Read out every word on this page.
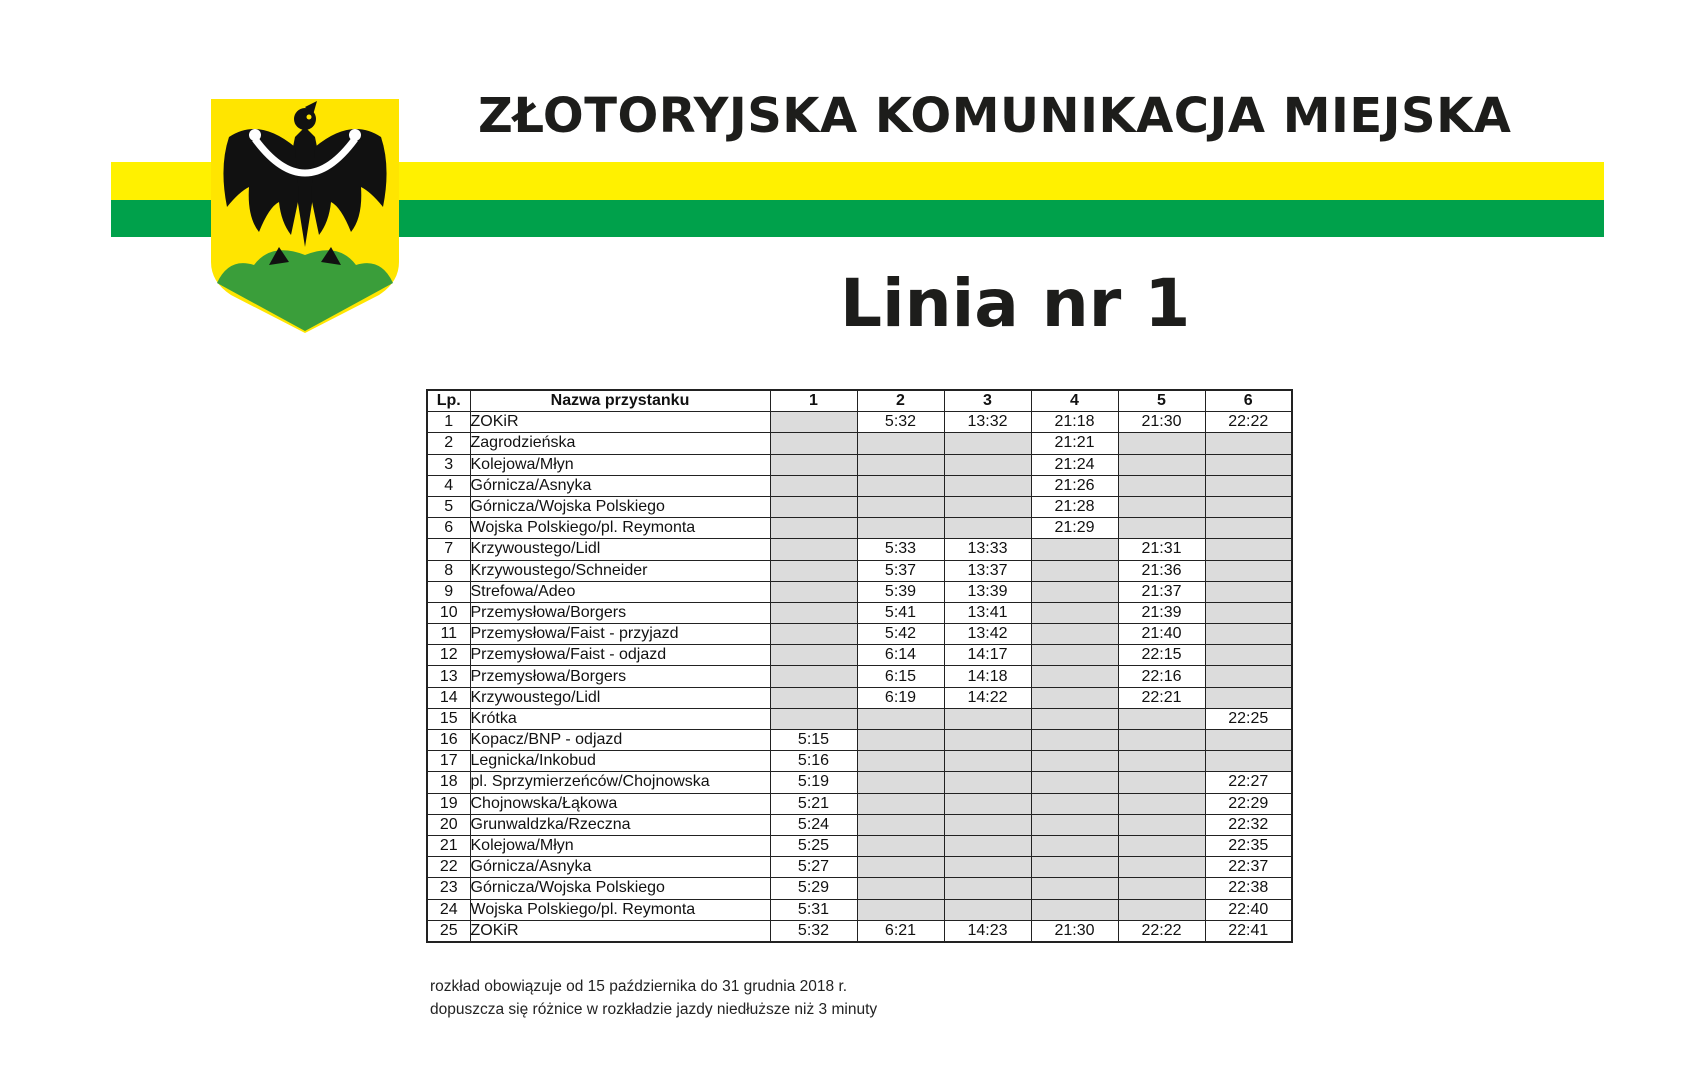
ZŁOTORYJSKA KOMUNIKACJA MIEJSKA
Linia nr 1
Lp.	Nazwa przystanku	1	2	3	4	5	6
1	ZOKiR		5:32	13:32	21:18	21:30	22:22
2	Zagrodzieńska				21:21		
3	Kolejowa/Młyn				21:24		
4	Górnicza/Asnyka				21:26		
5	Górnicza/Wojska Polskiego				21:28		
6	Wojska Polskiego/pl. Reymonta				21:29		
7	Krzywoustego/Lidl		5:33	13:33		21:31	
8	Krzywoustego/Schneider		5:37	13:37		21:36	
9	Strefowa/Adeo		5:39	13:39		21:37	
10	Przemysłowa/Borgers		5:41	13:41		21:39	
11	Przemysłowa/Faist - przyjazd		5:42	13:42		21:40	
12	Przemysłowa/Faist - odjazd		6:14	14:17		22:15	
13	Przemysłowa/Borgers		6:15	14:18		22:16	
14	Krzywoustego/Lidl		6:19	14:22		22:21	
15	Krótka						22:25
16	Kopacz/BNP - odjazd	5:15					
17	Legnicka/Inkobud	5:16					
18	pl. Sprzymierzeńców/Chojnowska	5:19					22:27
19	Chojnowska/Łąkowa	5:21					22:29
20	Grunwaldzka/Rzeczna	5:24					22:32
21	Kolejowa/Młyn	5:25					22:35
22	Górnicza/Asnyka	5:27					22:37
23	Górnicza/Wojska Polskiego	5:29					22:38
24	Wojska Polskiego/pl. Reymonta	5:31					22:40
25	ZOKiR	5:32	6:21	14:23	21:30	22:22	22:41
rozkład obowiązuje od 15 października do 31 grudnia 2018 r.
dopuszcza się różnice w rozkładzie jazdy niedłuższe niż 3 minuty
